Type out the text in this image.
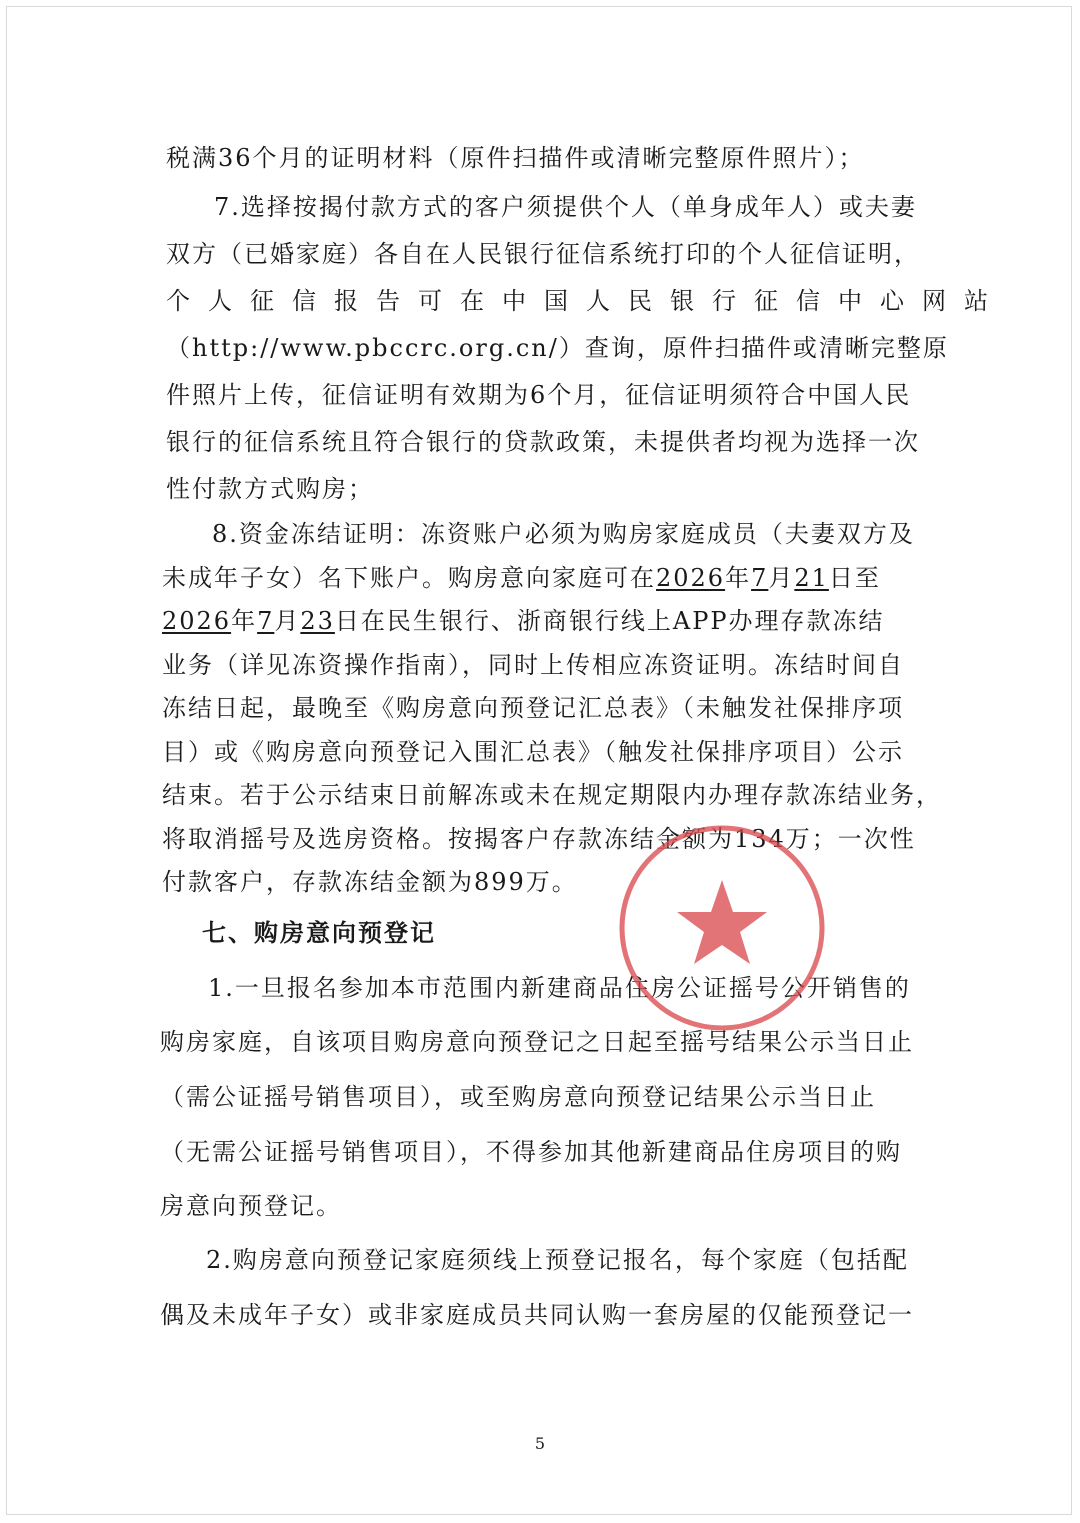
税满36个月的证明材料（原件扫描件或清晰完整原件照片）；
7.选择按揭付款方式的客户须提供个人（单身成年人）或夫妻
双方（已婚家庭）各自在人民银行征信系统打印的个人征信证明，
个人征信报告可在中国人民银行征信中心网站
（http://www.pbccrc.org.cn/）查询，原件扫描件或清晰完整原
件照片上传，征信证明有效期为6个月，征信证明须符合中国人民
银行的征信系统且符合银行的贷款政策，未提供者均视为选择一次
性付款方式购房；
8.资金冻结证明：冻资账户必须为购房家庭成员（夫妻双方及
未成年子女）名下账户。购房意向家庭可在2026年7月21日至
2026年7月23日在民生银行、浙商银行线上APP办理存款冻结
业务（详见冻资操作指南），同时上传相应冻资证明。冻结时间自
冻结日起，最晚至《购房意向预登记汇总表》（未触发社保排序项
目）或《购房意向预登记入围汇总表》（触发社保排序项目）公示
结束。若于公示结束日前解冻或未在规定期限内办理存款冻结业务，
将取消摇号及选房资格。按揭客户存款冻结金额为134万；一次性
付款客户，存款冻结金额为899万。
七、购房意向预登记
1.一旦报名参加本市范围内新建商品住房公证摇号公开销售的
购房家庭，自该项目购房意向预登记之日起至摇号结果公示当日止
（需公证摇号销售项目），或至购房意向预登记结果公示当日止
（无需公证摇号销售项目），不得参加其他新建商品住房项目的购
房意向预登记。
2.购房意向预登记家庭须线上预登记报名，每个家庭（包括配
偶及未成年子女）或非家庭成员共同认购一套房屋的仅能预登记一
5
